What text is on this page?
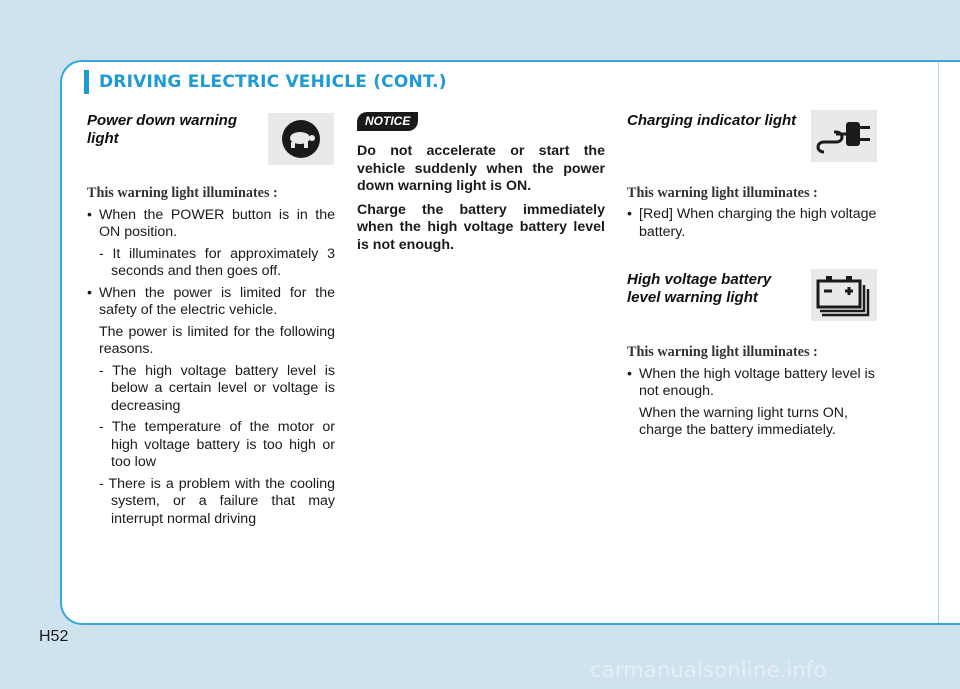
DRIVING ELECTRIC VEHICLE (CONT.)
Power down warning light
This warning light illuminates :
• When the POWER button is in the ON position.
- It illuminates for approximately 3 seconds and then goes off.
• When the power is limited for the safety of the electric vehicle.
The power is limited for the following reasons.
- The high voltage battery level is below a certain level or voltage is decreasing
- The temperature of the motor or high voltage battery is too high or too low
- There is a problem with the cooling system, or a failure that may interrupt normal driving
NOTICE
Do not accelerate or start the vehicle suddenly when the power down warning light is ON.
Charge the battery immediately when the high voltage battery level is not enough.
Charging indicator light
This warning light illuminates :
• [Red] When charging the high voltage battery.
High voltage battery level warning light
This warning light illuminates :
• When the high voltage battery level is not enough.
When the warning light turns ON, charge the battery immediately.
H52
carmanualsonline.info
